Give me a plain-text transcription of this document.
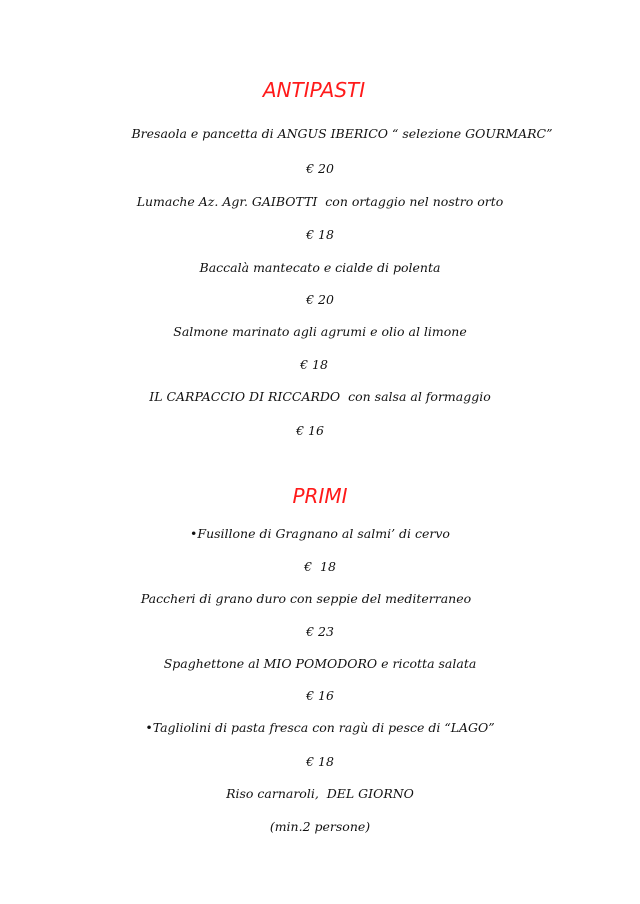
ANTIPASTI
Bresaola e pancetta di ANGUS IBERICO “ selezione GOURMARC”
€ 20
Lumache Az. Agr. GAIBOTTI  con ortaggio nel nostro orto
€ 18
Baccalà mantecato e cialde di polenta
€ 20
Salmone marinato agli agrumi e olio al limone
€ 18
IL CARPACCIO DI RICCARDO  con salsa al formaggio
€ 16
PRIMI
•Fusillone di Gragnano al salmi’ di cervo
€  18
Paccheri di grano duro con seppie del mediterraneo
€ 23
Spaghettone al MIO POMODORO e ricotta salata
€ 16
•Tagliolini di pasta fresca con ragù di pesce di “LAGO”
€ 18
Riso carnaroli,  DEL GIORNO
(min.2 persone)
